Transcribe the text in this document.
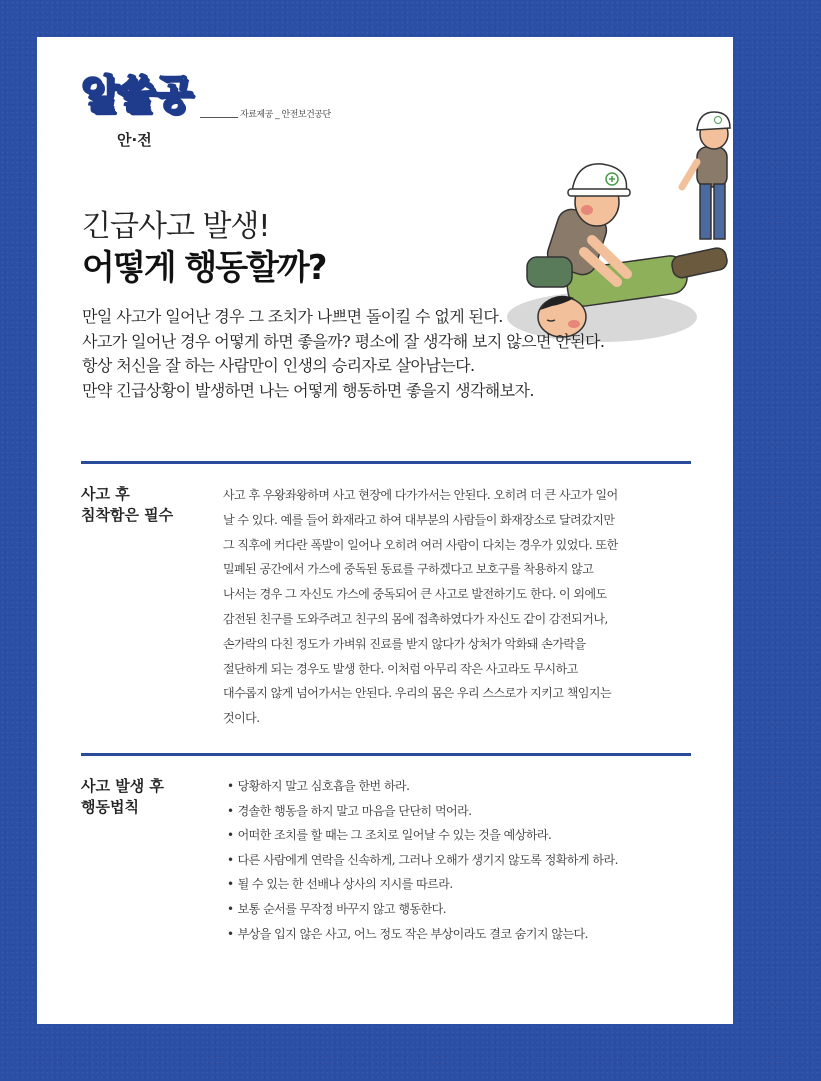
알쓸공
안·전
자료제공 _ 안전보건공단
긴급사고 발생!
어떻게 행동할까?

만일 사고가 일어난 경우 그 조치가 나쁘면 돌이킬 수 없게 된다.

사고가 일어난 경우 어떻게 하면 좋을까? 평소에 잘 생각해 보지 않으면 안된다.

항상 처신을 잘 하는 사람만이 인생의 승리자로 살아남는다.

만약 긴급상황이 발생하면 나는 어떻게 행동하면 좋을지 생각해보자.

사고 후
침착함은 필수

사고 후 우왕좌왕하며 사고 현장에 다가가서는 안된다. 오히려 더 큰 사고가 일어

날 수 있다. 예를 들어 화재라고 하여 대부분의 사람들이 화재장소로 달려갔지만

그 직후에 커다란 폭발이 일어나 오히려 여러 사람이 다치는 경우가 있었다. 또한

밀폐된 공간에서 가스에 중독된 동료를 구하겠다고 보호구를 착용하지 않고

나서는 경우 그 자신도 가스에 중독되어 큰 사고로 발전하기도 한다. 이 외에도

감전된 친구를 도와주려고 친구의 몸에 접촉하였다가 자신도 같이 감전되거나,

손가락의 다친 정도가 가벼워 진료를 받지 않다가 상처가 악화돼 손가락을

절단하게 되는 경우도 발생 한다. 이처럼 아무리 작은 사고라도 무시하고

대수롭지 않게 넘어가서는 안된다. 우리의 몸은 우리 스스로가 지키고 책임지는

것이다.

사고 발생 후
행동법칙
• 당황하지 말고 심호흡을 한번 하라.
• 경솔한 행동을 하지 말고 마음을 단단히 먹어라.
• 어떠한 조치를 할 때는 그 조치로 일어날 수 있는 것을 예상하라.
• 다른 사람에게 연락을 신속하게, 그러나 오해가 생기지 않도록 정확하게 하라.
• 될 수 있는 한 선배나 상사의 지시를 따르라.
• 보통 순서를 무작정 바꾸지 않고 행동한다.
• 부상을 입지 않은 사고, 어느 정도 작은 부상이라도 결코 숨기지 않는다.
